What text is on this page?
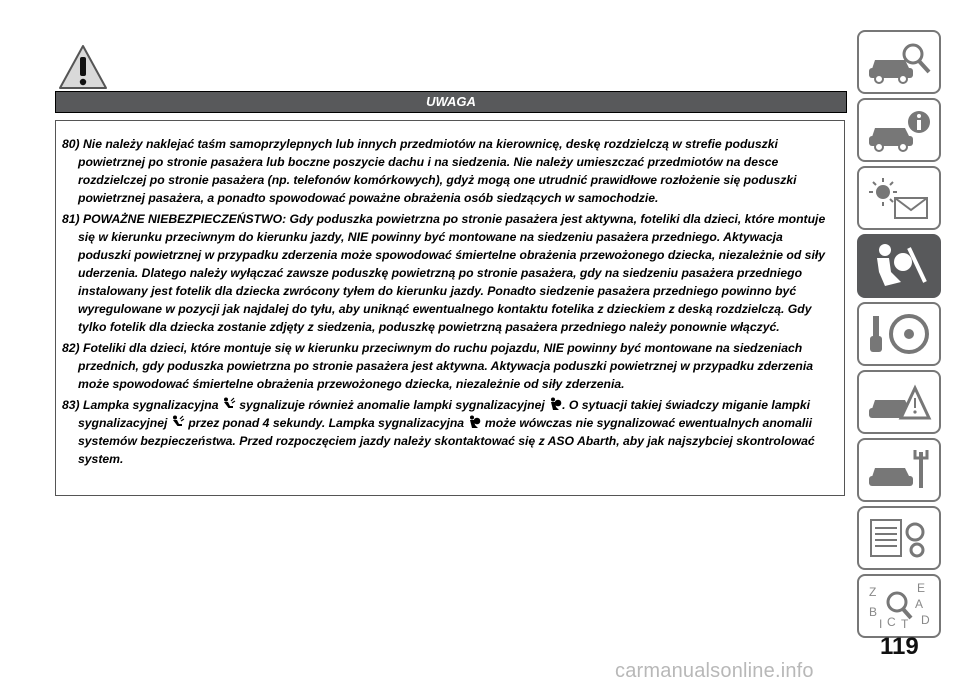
UWAGA

80) Nie należy naklejać taśm samoprzylepnych lub innych przedmiotów na kierownicę, deskę rozdzielczą w strefie poduszki powietrznej po stronie pasażera lub boczne poszycie dachu i na siedzenia. Nie należy umieszczać przedmiotów na desce rozdzielczej po stronie pasażera (np. telefonów komórkowych), gdyż mogą one utrudnić prawidłowe rozłożenie się poduszki powietrznej pasażera, a ponadto spowodować poważne obrażenia osób siedzących w samochodzie.

81) POWAŻNE NIEBEZPIECZEŃSTWO: Gdy poduszka powietrzna po stronie pasażera jest aktywna, foteliki dla dzieci, które montuje się w kierunku przeciwnym do kierunku jazdy, NIE powinny być montowane na siedzeniu pasażera przedniego. Aktywacja poduszki powietrznej w przypadku zderzenia może spowodować śmiertelne obrażenia przewożonego dziecka, niezależnie od siły uderzenia. Dlatego należy wyłączać zawsze poduszkę powietrzną po stronie pasażera, gdy na siedzeniu pasażera przedniego instalowany jest fotelik dla dziecka zwrócony tyłem do kierunku jazdy. Ponadto siedzenie pasażera przedniego powinno być wyregulowane w pozycji jak najdalej do tyłu, aby uniknąć ewentualnego kontaktu fotelika z dzieckiem z deską rozdzielczą. Gdy tylko fotelik dla dziecka zostanie zdjęty z siedzenia, poduszkę powietrzną pasażera przedniego należy ponownie włączyć.

82) Foteliki dla dzieci, które montuje się w kierunku przeciwnym do ruchu pojazdu, NIE powinny być montowane na siedzeniach przednich, gdy poduszka powietrzna po stronie pasażera jest aktywna. Aktywacja poduszki powietrznej w przypadku zderzenia może spowodować śmiertelne obrażenia przewożonego dziecka, niezależnie od siły zderzenia.

83) Lampka sygnalizacyjna  sygnalizuje również anomalie lampki sygnalizacyjnej . O sytuacji takiej świadczy miganie lampki sygnalizacyjnej  przez ponad 4 sekundy. Lampka sygnalizacyjna  może wówczas nie sygnalizować ewentualnych anomalii systemów bezpieczeństwa. Przed rozpoczęciem jazdy należy skontaktować się z ASO Abarth, aby jak najszybciej skontrolować system.

Z	E
A
B
C T D
I
119
carmanualsonline.info
